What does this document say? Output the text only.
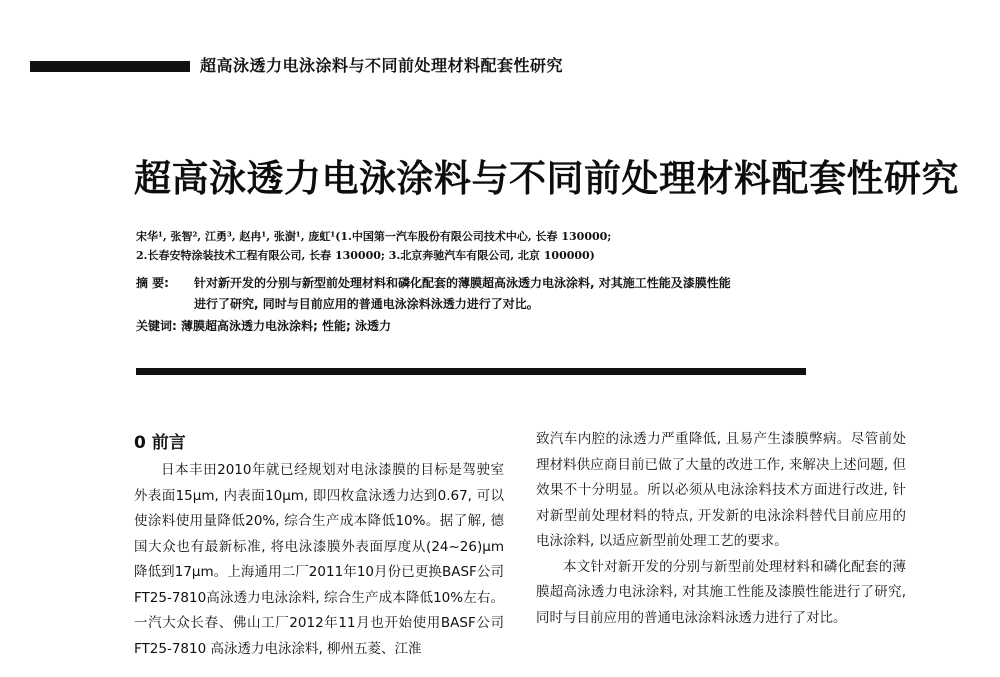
超高泳透力电泳涂料与不同前处理材料配套性研究
超高泳透力电泳涂料与不同前处理材料配套性研究
宋华¹, 张智², 江勇³, 赵冉¹, 张澍¹, 庞虹¹(1.中国第一汽车股份有限公司技术中心, 长春 130000;
2.长春安特涂装技术工程有限公司, 长春 130000; 3.北京奔驰汽车有限公司, 北京 100000)
摘 要: 针对新开发的分别与新型前处理材料和磷化配套的薄膜超高泳透力电泳涂料, 对其施工性能及漆膜性能
进行了研究, 同时与目前应用的普通电泳涂料泳透力进行了对比。
关键词: 薄膜超高泳透力电泳涂料; 性能; 泳透力
0 前言

日本丰田2010年就已经规划对电泳漆膜的目标是驾驶室外表面15μm, 内表面10μm, 即四枚盒泳透力达到0.67, 可以使涂料使用量降低20%, 综合生产成本降低10%。据了解, 德国大众也有最新标准, 将电泳漆膜外表面厚度从(24~26)μm降低到17μm。上海通用二厂2011年10月份已更换BASF公司FT25-7810高泳透力电泳涂料, 综合生产成本降低10%左右。一汽大众长春、佛山工厂2012年11月也开始使用BASF公司FT25-7810 高泳透力电泳涂料, 柳州五菱、江淮

致汽车内腔的泳透力严重降低, 且易产生漆膜弊病。尽管前处理材料供应商目前已做了大量的改进工作, 来解决上述问题, 但效果不十分明显。所以必须从电泳涂料技术方面进行改进, 针对新型前处理材料的特点, 开发新的电泳涂料替代目前应用的电泳涂料, 以适应新型前处理工艺的要求。

本文针对新开发的分别与新型前处理材料和磷化配套的薄膜超高泳透力电泳涂料, 对其施工性能及漆膜性能进行了研究, 同时与目前应用的普通电泳涂料泳透力进行了对比。
